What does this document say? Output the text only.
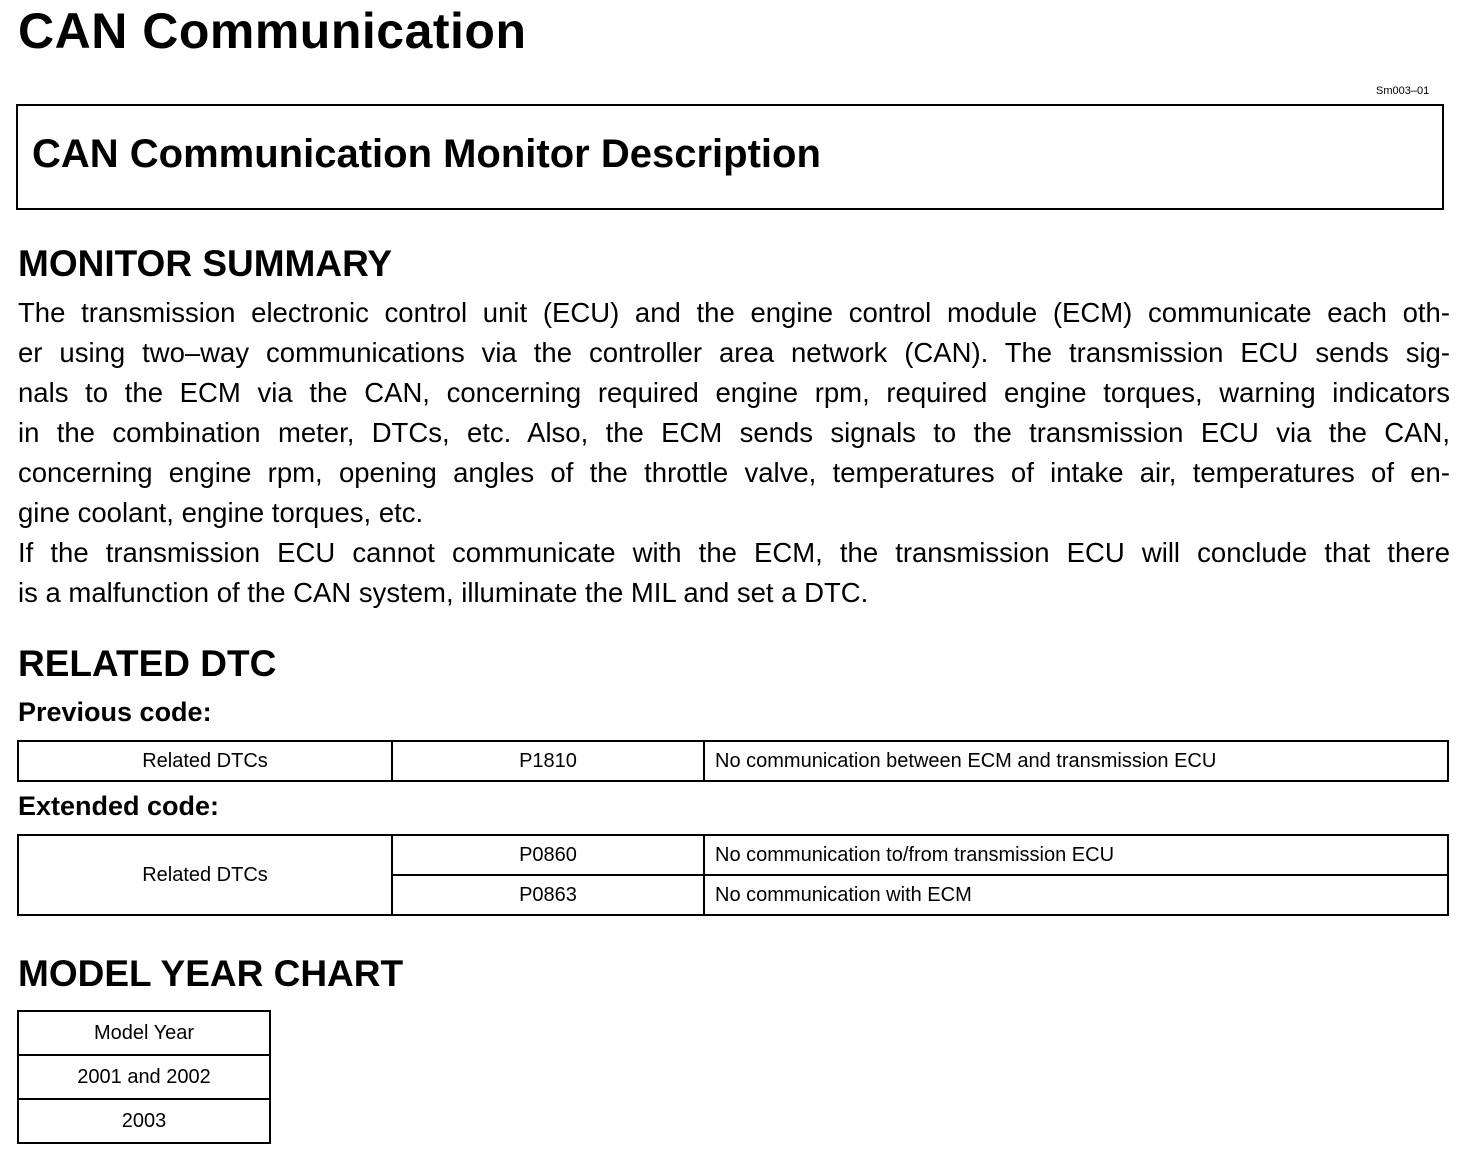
CAN Communication
Sm003–01
CAN Communication Monitor Description
MONITOR SUMMARY
The transmission electronic control unit (ECU) and the engine control module (ECM) communicate each oth-
er using two–way communications via the controller area network (CAN). The transmission ECU sends sig-
nals to the ECM via the CAN, concerning required engine rpm, required engine torques, warning indicators
in the combination meter, DTCs, etc. Also, the ECM sends signals to the transmission ECU via the CAN,
concerning engine rpm, opening angles of the throttle valve, temperatures of intake air, temperatures of en-
gine coolant, engine torques, etc.
If the transmission ECU cannot communicate with the ECM, the transmission ECU will conclude that there
is a malfunction of the CAN system, illuminate the MIL and set a DTC.
RELATED DTC
Previous code:
Related DTCs	P1810	No communication between ECM and transmission ECU
Extended code:
Related DTCs	P0860	No communication to/from transmission ECU
	P0863	No communication with ECM
MODEL YEAR CHART
Model Year
2001 and 2002
2003
